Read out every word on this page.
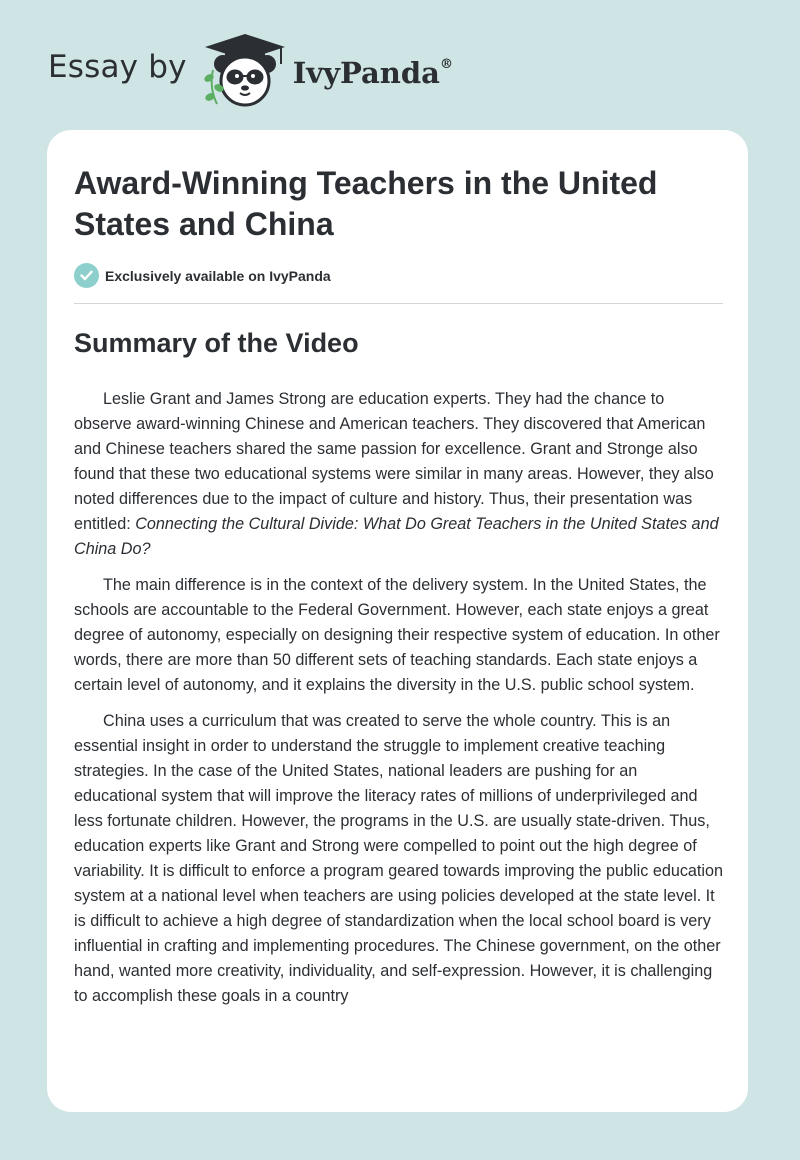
Essay by	IvyPanda®
Award-Winning Teachers in the United States and China
Exclusively available on IvyPanda
Summary of the Video

Leslie Grant and James Strong are education experts. They had the chance to observe award-winning Chinese and American teachers. They discovered that American and Chinese teachers shared the same passion for excellence. Grant and Stronge also found that these two educational systems were similar in many areas. However, they also noted differences due to the impact of culture and history. Thus, their presentation was entitled: Connecting the Cultural Divide: What Do Great Teachers in the United States and China Do?

The main difference is in the context of the delivery system. In the United States, the schools are accountable to the Federal Government. However, each state enjoys a great degree of autonomy, especially on designing their respective system of education. In other words, there are more than 50 different sets of teaching standards. Each state enjoys a certain level of autonomy, and it explains the diversity in the U.S. public school system.

China uses a curriculum that was created to serve the whole country. This is an essential insight in order to understand the struggle to implement creative teaching strategies. In the case of the United States, national leaders are pushing for an educational system that will improve the literacy rates of millions of underprivileged and less fortunate children. However, the programs in the U.S. are usually state-driven. Thus, education experts like Grant and Strong were compelled to point out the high degree of variability. It is difficult to enforce a program geared towards improving the public education system at a national level when teachers are using policies developed at the state level. It is difficult to achieve a high degree of standardization when the local school board is very influential in crafting and implementing procedures. The Chinese government, on the other hand, wanted more creativity, individuality, and self-expression. However, it is challenging to accomplish these goals in a country
